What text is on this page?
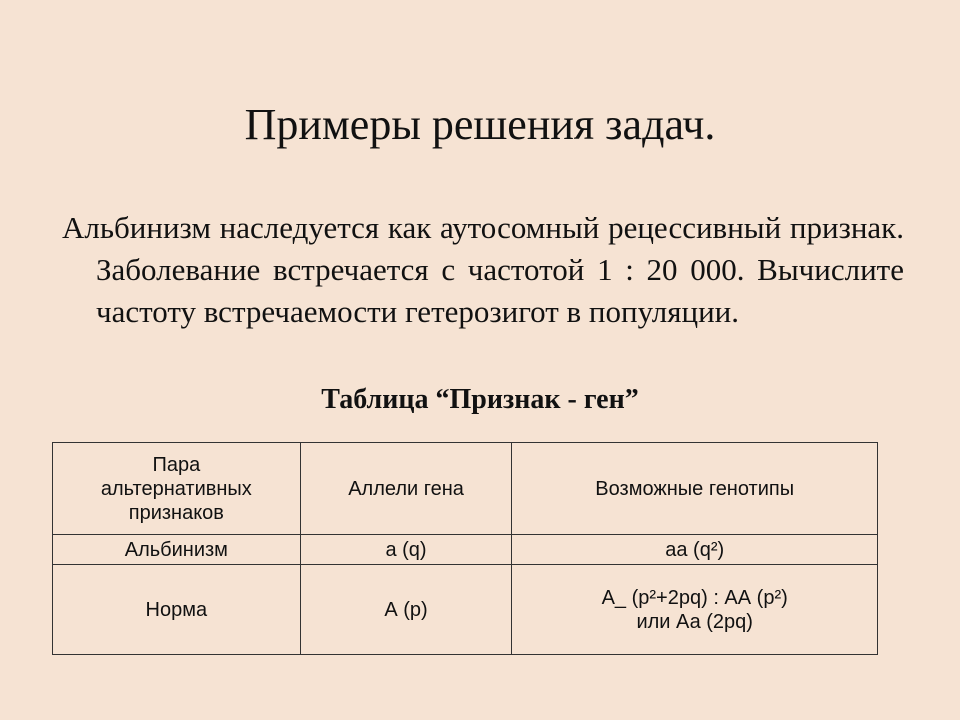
Примеры решения задач.

Альбинизм наследуется как аутосомный рецессивный признак. Заболевание встречается с частотой 1 : 20 000. Вычислите частоту встречаемости гетерозигот в популяции.

Таблица “Признак - ген”
Пара
альтернативных
признаков	Аллели гена	Возможные генотипы
Альбинизм	а (q)	аа (q²)

Норма	А (р)	А_ (р²+2рq) : АА (р²)
или Аа (2рq)
